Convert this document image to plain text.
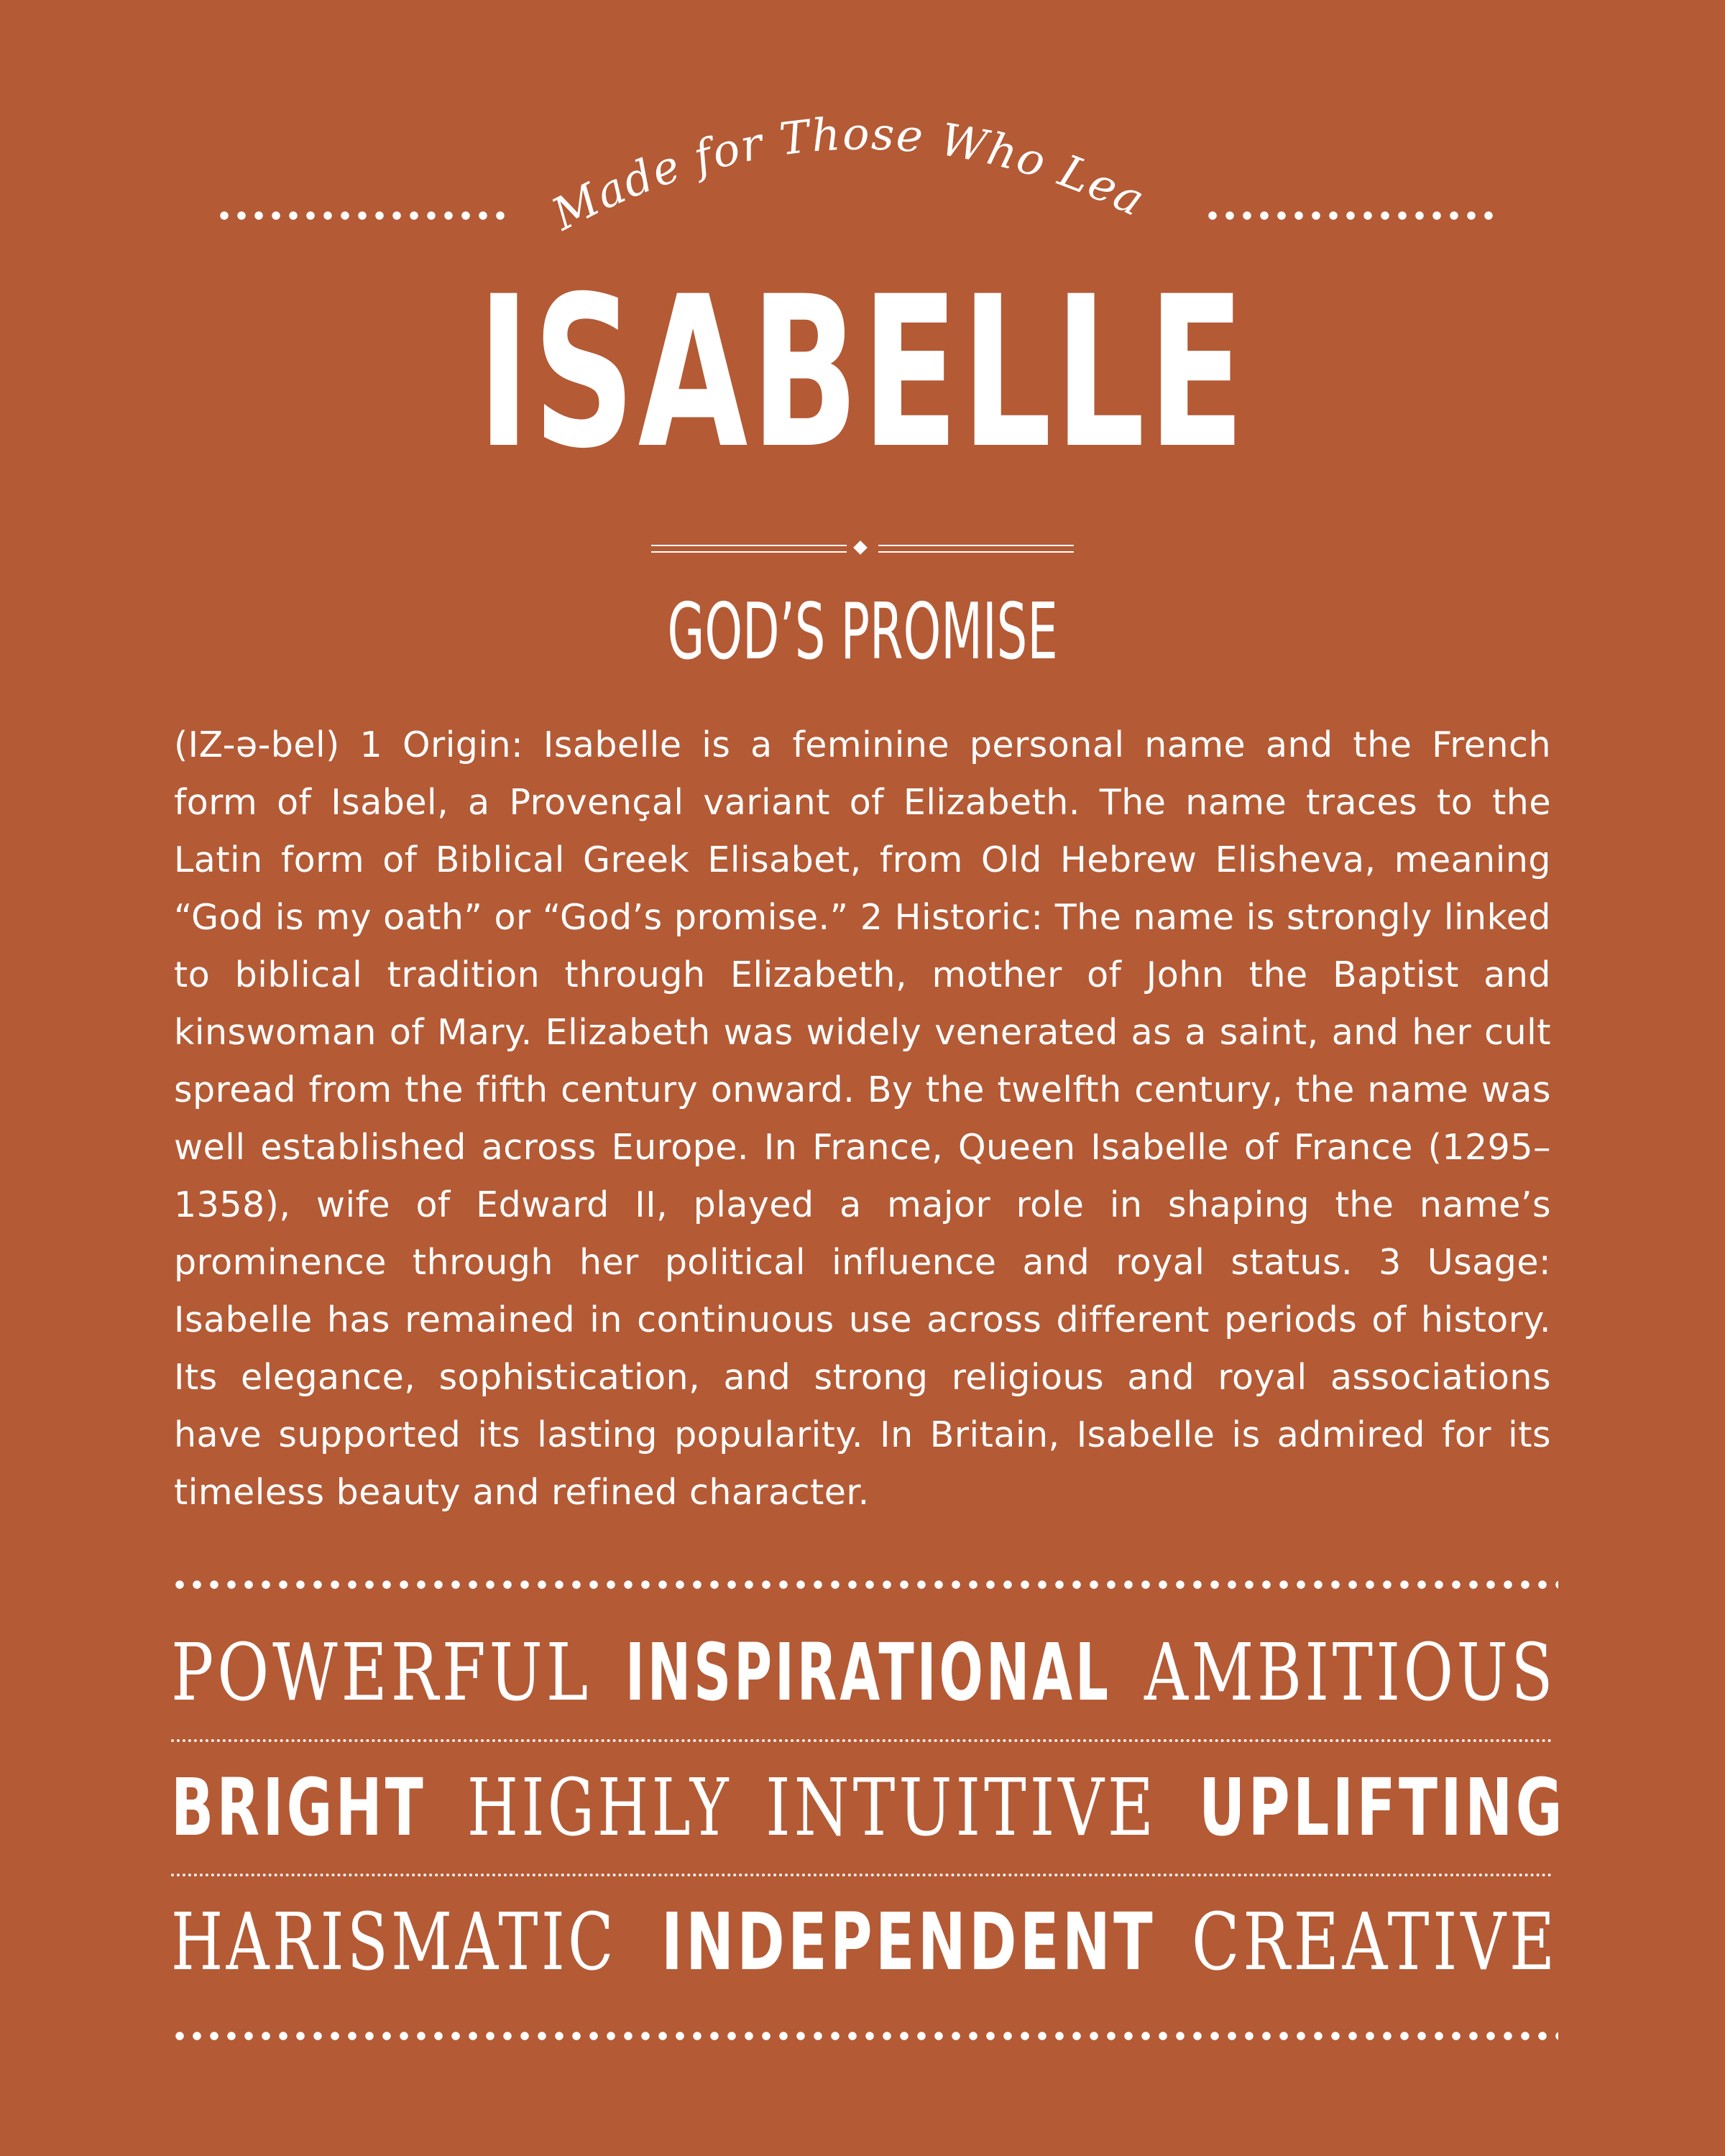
Made for Those Who Lead
ISABELLE
GOD’S PROMISE
(IZ-ə-bel) 1 Origin: Isabelle is a feminine personal name and the French form of Isabel, a Provençal variant of Elizabeth. The name traces to the Latin form of Biblical Greek Elisabet, from Old Hebrew Elisheva, meaning “God is my oath” or “God’s promise.” 2 Historic: The name is strongly linked to biblical tradition through Elizabeth, mother of John the Baptist and kinswoman of Mary. Elizabeth was widely venerated as a saint, and her cult spread from the fifth century onward. By the twelfth century, the name was well established across Europe. In France, Queen Isabelle of France (1295–1358), wife of Edward II, played a major role in shaping the name’s prominence through her political influence and royal status. 3 Usage: Isabelle has remained in continuous use across different periods of history. Its elegance, sophistication, and strong religious and royal associations have supported its lasting popularity. In Britain, Isabelle is admired for its timeless beauty and refined character.
POWERFUL INSPIRATIONAL AMBITIOUS
BRIGHT HIGHLY INTUITIVE UPLIFTING
HARISMATIC INDEPENDENT CREATIVE
